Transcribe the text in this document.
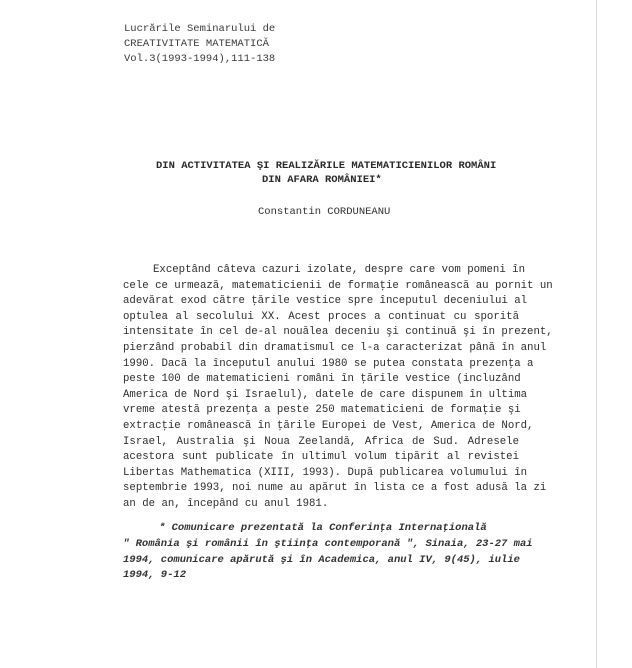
Lucrările Seminarului de
CREATIVITATE MATEMATICĂ
Vol.3(1993-1994),111-138
DIN ACTIVITATEA ŞI REALIZĂRILE MATEMATICIENILOR ROMÂNI
DIN AFARA ROMÂNIEI*
Constantin CORDUNEANU
Exceptând câteva cazuri izolate, despre care vom pomeni în
cele ce urmează, matematicienii de formaţie românească au pornit un
adevărat exod către ţările vestice spre începutul deceniului al
optulea al secolului XX. Acest proces a continuat cu sporită
intensitate în cel de-al nouălea deceniu şi continuă şi în prezent,
pierzând probabil din dramatismul ce l-a caracterizat până în anul
1990. Dacă la începutul anului 1980 se putea constata prezenţa a
peste 100 de matematicieni români în ţările vestice (incluzând
America de Nord şi Israelul), datele de care dispunem în ultima
vreme atestă prezenţa a peste 250 matematicieni de formaţie şi
extracţie românească în ţările Europei de Vest, America de Nord,
Israel, Australia şi Noua Zeelandă, Africa de Sud. Adresele
acestora sunt publicate în ultimul volum tipărit al revistei
Libertas Mathematica (XIII, 1993). După publicarea volumului în
septembrie 1993, noi nume au apărut în lista ce a fost adusă la zi
an de an, începând cu anul 1981.
* Comunicare prezentată la Conferinţa Internaţională
" România şi românii în ştiinţa contemporană ", Sinaia, 23-27 mai
1994, comunicare apărută şi în Academica, anul IV, 9(45), iulie
1994, 9-12
